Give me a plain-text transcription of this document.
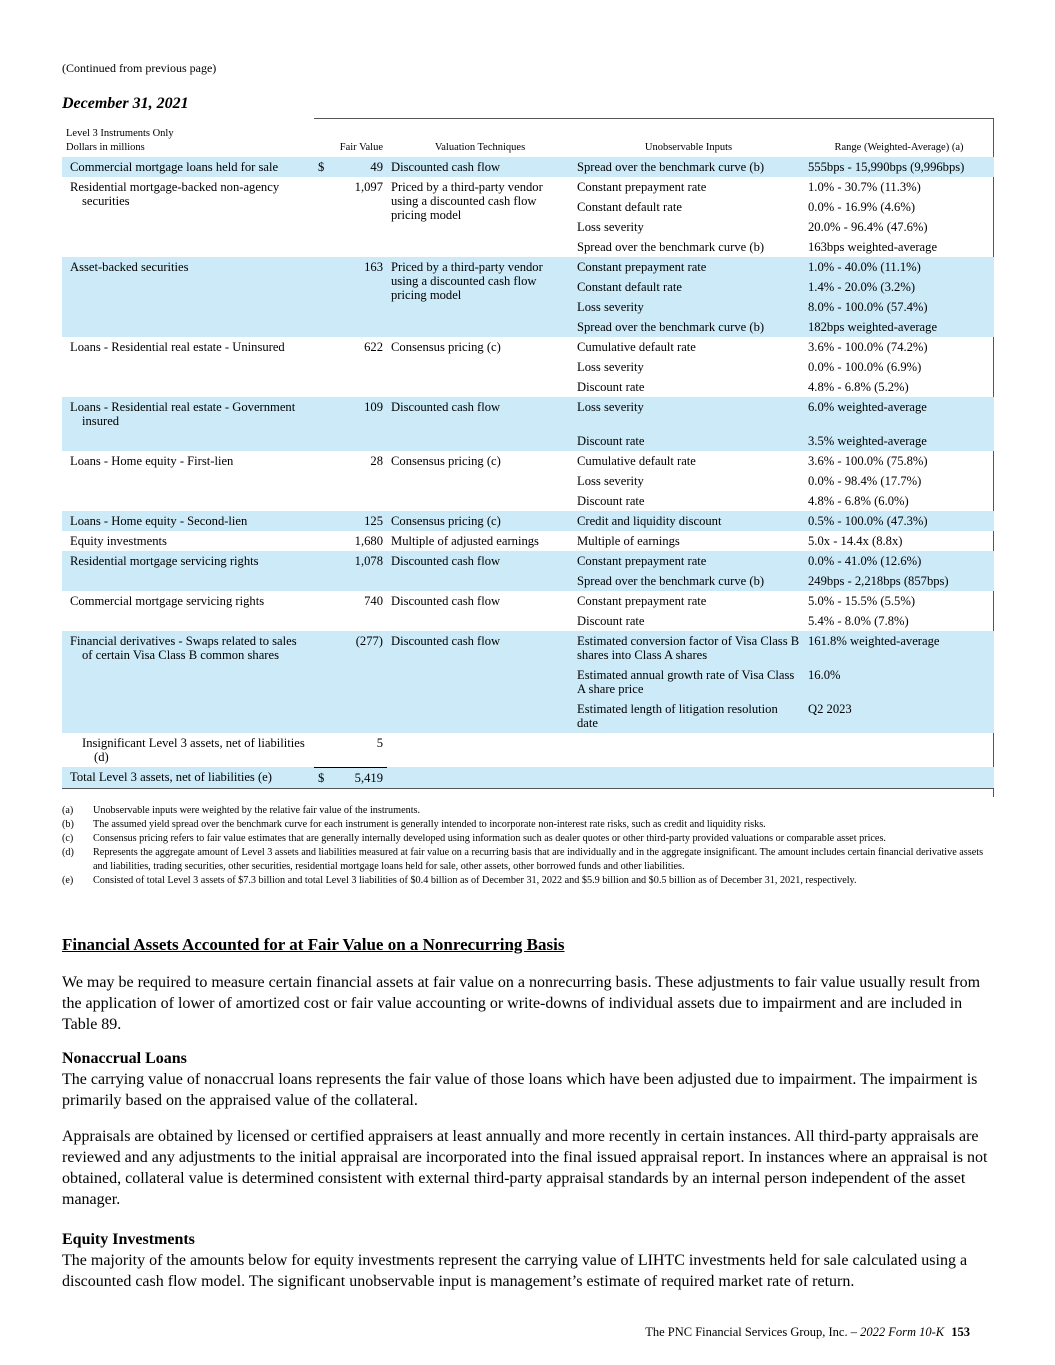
(Continued from previous page)
December 31, 2021
Level 3 Instruments Only
Dollars in millions	Fair Value	Valuation Techniques	Unobservable Inputs	Range (Weighted-Average) (a)

Commercial mortgage loans held for sale	$ 49	Discounted cash flow	Spread over the benchmark curve (b)	555bps - 15,990bps (9,996bps)

Residential mortgage-backed non-agency securities	1,097	Priced by a third-party vendor using a discounted cash flow pricing model	Constant prepayment rate	1.0% - 30.7% (11.3%)
			Constant default rate	0.0% - 16.9% (4.6%)
			Loss severity	20.0% - 96.4% (47.6%)
			Spread over the benchmark curve (b)	163bps weighted-average

Asset-backed securities	163	Priced by a third-party vendor using a discounted cash flow pricing model	Constant prepayment rate	1.0% - 40.0% (11.1%)
			Constant default rate	1.4% - 20.0% (3.2%)
			Loss severity	8.0% - 100.0% (57.4%)
			Spread over the benchmark curve (b)	182bps weighted-average

Loans - Residential real estate - Uninsured	622	Consensus pricing (c)	Cumulative default rate	3.6% - 100.0% (74.2%)
			Loss severity	0.0% - 100.0% (6.9%)
			Discount rate	4.8% - 6.8% (5.2%)

Loans - Residential real estate - Government insured	109	Discounted cash flow	Loss severity	6.0% weighted-average
			Discount rate	3.5% weighted-average

Loans - Home equity - First-lien	28	Consensus pricing (c)	Cumulative default rate	3.6% - 100.0% (75.8%)
			Loss severity	0.0% - 98.4% (17.7%)
			Discount rate	4.8% - 6.8% (6.0%)

Loans - Home equity - Second-lien	125	Consensus pricing (c)	Credit and liquidity discount	0.5% - 100.0% (47.3%)

Equity investments	1,680	Multiple of adjusted earnings	Multiple of earnings	5.0x - 14.4x (8.8x)

Residential mortgage servicing rights	1,078	Discounted cash flow	Constant prepayment rate	0.0% - 41.0% (12.6%)
			Spread over the benchmark curve (b)	249bps - 2,218bps (857bps)

Commercial mortgage servicing rights	740	Discounted cash flow	Constant prepayment rate	5.0% - 15.5% (5.5%)
			Discount rate	5.4% - 8.0% (7.8%)

Financial derivatives - Swaps related to sales of certain Visa Class B common shares	(277)	Discounted cash flow	Estimated conversion factor of Visa Class B shares into Class A shares	161.8% weighted-average
			Estimated annual growth rate of Visa Class A share price	16.0%
			Estimated length of litigation resolution date	Q2 2023

Insignificant Level 3 assets, net of liabilities (d)	5			

Total Level 3 assets, net of liabilities (e)	$ 5,419			
(a)	Unobservable inputs were weighted by the relative fair value of the instruments.
(b)	The assumed yield spread over the benchmark curve for each instrument is generally intended to incorporate non-interest rate risks, such as credit and liquidity risks.
(c)	Consensus pricing refers to fair value estimates that are generally internally developed using information such as dealer quotes or other third-party provided valuations or comparable asset prices.
(d)	Represents the aggregate amount of Level 3 assets and liabilities measured at fair value on a recurring basis that are individually and in the aggregate insignificant. The amount includes certain financial derivative assets and liabilities, trading securities, other securities, residential mortgage loans held for sale, other assets, other borrowed funds and other liabilities.
(e)	Consisted of total Level 3 assets of $7.3 billion and total Level 3 liabilities of $0.4 billion as of December 31, 2022 and $5.9 billion and $0.5 billion as of December 31, 2021, respectively.
Financial Assets Accounted for at Fair Value on a Nonrecurring Basis
We may be required to measure certain financial assets at fair value on a nonrecurring basis. These adjustments to fair value usually result from the application of lower of amortized cost or fair value accounting or write-downs of individual assets due to impairment and are included in Table 89.
Nonaccrual Loans
The carrying value of nonaccrual loans represents the fair value of those loans which have been adjusted due to impairment. The impairment is primarily based on the appraised value of the collateral.
Appraisals are obtained by licensed or certified appraisers at least annually and more recently in certain instances. All third-party appraisals are reviewed and any adjustments to the initial appraisal are incorporated into the final issued appraisal report. In instances where an appraisal is not obtained, collateral value is determined consistent with external third-party appraisal standards by an internal person independent of the asset manager.
Equity Investments
The majority of the amounts below for equity investments represent the carrying value of LIHTC investments held for sale calculated using a discounted cash flow model. The significant unobservable input is management’s estimate of required market rate of return.
The PNC Financial Services Group, Inc. – 2022 Form 10-K 153
